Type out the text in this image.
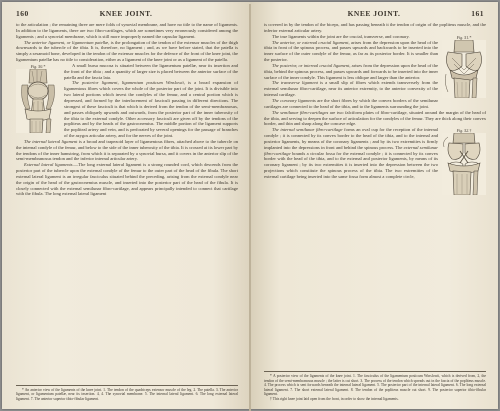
160	KNEE JOINT.

to the articulation ; the remaining three are mere folds of synovial membrane, and have no title to the name of ligaments. In addition to the ligaments, there are two fibro-cartilages, which are sometimes very erroneously considered among the ligaments ; and a synovial membrane, which is still more improperly named the capsular ligament.

The anterior ligament, or ligamentum patellæ, is the prolongation of the tendon of the extensor muscles of the thigh downwards to the tubercle of the tibia. It is, therefore, no ligament ; and, as we have before stated, that the patella is simply a sesamoid bone, developed in the tendon of the extensor muscles for the defence of the front of the knee joint, the ligamentum patellæ has no title to consideration, either as a ligament of the knee joint or as a ligament of the patella.

Fig. 50.*	A small bursa mucosa is situated between the ligamentum patellæ, near its insertion and the front of the tibia ; and a quantity of larger size is placed between the anterior surface of the patella and the fascia lata.

The posterior ligament, ligamentum posticum Winslowii, is a broad expansion of ligamentous fibres which covers the whole of the posterior part of the joint. It is divisible into two lateral portions which invest the condyles of the femur, and a central portion which is depressed, and formed by the interlacement of fasciculi passing in different directions. The strongest of these fasciculi is that which is derived from the tendon of the semi-membranosus, and passes obliquely upwards and outwards, from the posterior part of the inner tuberosity of the tibia to the external condyle. Other accessory fasciculi are given off by the tendons of the popliteus and by the heads of the gastrocnemius. The middle portion of the ligament supports the popliteal artery and vein, and is perforated by several openings for the passage of branches of the azygos articular artery, and for the nerves of the joint.

The internal lateral ligament is a broad and trapezoid layer of ligamentous fibres, attached above to the tubercle on the internal condyle of the femur, and below to the side of the inner tuberosity of the tibia. It is crossed at its lower part by the tendons of the inner hamstring, from which it is separated by a synovial bursa, and it covers in the anterior slip of the semi-membranosus tendon and the inferior internal articular artery.

External lateral ligaments.—The long external lateral ligament is a strong rounded cord, which descends from the posterior part of the tubercle upon the external condyle of the femur to the outer part of the head of the fibula. The short external lateral ligament is an irregular fasciculus situated behind the preceding, arising from the external condyle near the origin of the head of the gastrocnemius muscle, and inserted into the posterior part of the head of the fibula. It is closely connected with the external semilunar fibro-cartilage, and appears principally intended to connect that cartilage with the fibula. The long external lateral ligament

* An anterior view of the ligaments of the knee joint. 1. The tendon of the quadriceps extensor muscle of the leg. 2. The patella. 3. The anterior ligament, or ligamentum patellæ, near its insertion. 4, 4. The synovial membrane. 5. The internal lateral ligament. 6. The long external lateral ligament. 7. The anterior superior tibio-fibular ligament.

KNEE JOINT.	161

is covered in by the tendon of the biceps, and has passing beneath it the tendon of origin of the popliteus muscle, and the inferior external articular artery.

Fig. 51.*

The true ligaments within the joint are the crucial, transverse, and coronary.

The anterior, or external crucial ligament, arises from the depression upon the head of the tibia in front of the spinous process, and passes upwards and backwards to be inserted into the inner surface of the outer condyle of the femur, as far as its posterior border. It is smaller than the posterior.

The posterior, or internal crucial ligament, arises from the depression upon the head of the tibia, behind the spinous process, and passes upwards and forwards to be inserted into the inner surface of the inner condyle. This ligament is less oblique and larger than the anterior.

The transverse ligament is a small slip of fibres which extends transversely from the external semilunar fibro-cartilage, near its anterior extremity, to the anterior convexity of the internal cartilage.

The coronary ligaments are the short fibres by which the convex borders of the semilunar cartilages are connected to the head of the tibia, and to the ligaments surrounding the joint.

The semilunar fibro-cartilages are two falciform plates of fibro-cartilage, situated around the margin of the head of the tibia, and serving to deepen the surface of articulation for the condyles of the femur. They are thick along their convex border, and thin and sharp along the concave edge.

Fig. 52.†

The internal semilunar fibro-cartilage forms an oval cup for the reception of the internal condyle ; it is connected by its convex border to the head of the tibia, and to the internal and posterior ligaments, by means of the coronary ligaments ; and by its two extremities is firmly implanted into the depressions in front and behind the spinous process. The external semilunar fibro-cartilage bounds a circular fossa for the external condyle ; it is connected by its convex border with the head of the tibia, and to the external and posterior ligaments, by means of its coronary ligament ; by its two extremities it is inserted into the depression between the two projections which constitute the spinous process of the tibia. The two extremities of the external cartilage being inserted into the same fossa form almost a complete circle,

* A posterior view of the ligaments of the knee joint. 1. The fasciculus of the ligamentum posticum Winslowii, which is derived from, 2, the tendon of the semi-membranosus muscle ; the latter is cut short. 3. The process of the tendon which spreads out in the fascia of the popliteus muscle. 4. The process which is sent forwards beneath the internal lateral ligament. 5. The posterior part of the internal lateral ligament. 6. The long external lateral ligament. 7. The short external lateral ligament. 8. The tendon of the popliteus muscle cut short. 9. The posterior superior tibio-fibular ligament.

† This right knee joint laid open from the front, in order to show the internal ligaments.
